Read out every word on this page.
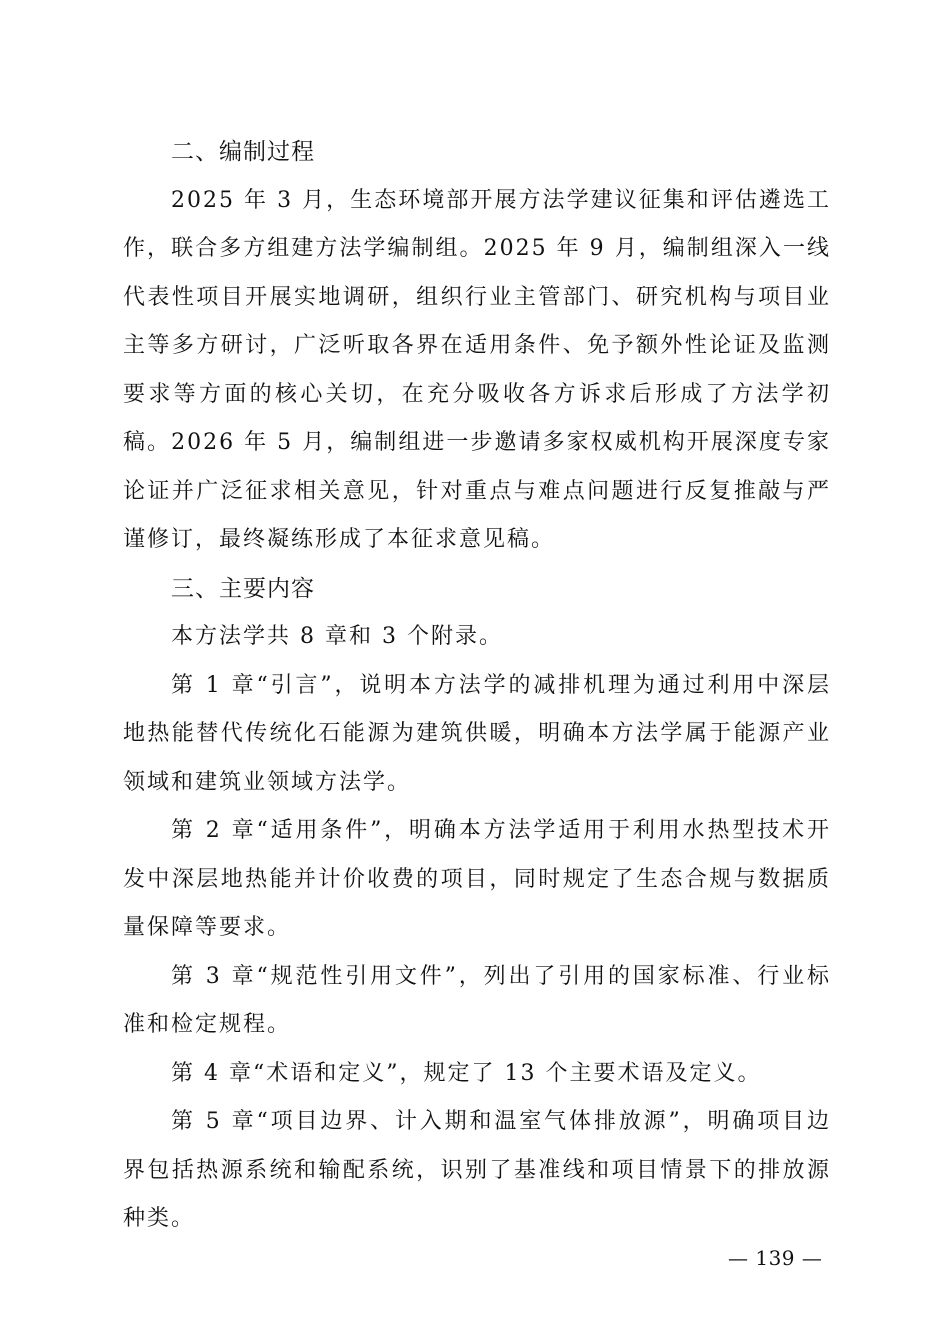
二、编制过程

2025 年 3 月，生态环境部开展方法学建议征集和评估遴选工作，联合多方组建方法学编制组。2025 年 9 月，编制组深入一线代表性项目开展实地调研，组织行业主管部门、研究机构与项目业主等多方研讨，广泛听取各界在适用条件、免予额外性论证及监测要求等方面的核心关切，在充分吸收各方诉求后形成了方法学初稿。2026 年 5 月，编制组进一步邀请多家权威机构开展深度专家论证并广泛征求相关意见，针对重点与难点问题进行反复推敲与严谨修订，最终凝练形成了本征求意见稿。

三、主要内容

本方法学共 8 章和 3 个附录。

第 1 章“引言”，说明本方法学的减排机理为通过利用中深层地热能替代传统化石能源为建筑供暖，明确本方法学属于能源产业领域和建筑业领域方法学。

第 2 章“适用条件”，明确本方法学适用于利用水热型技术开发中深层地热能并计价收费的项目，同时规定了生态合规与数据质量保障等要求。

第 3 章“规范性引用文件”，列出了引用的国家标准、行业标准和检定规程。

第 4 章“术语和定义”，规定了 13 个主要术语及定义。

第 5 章“项目边界、计入期和温室气体排放源”，明确项目边界包括热源系统和输配系统，识别了基准线和项目情景下的排放源种类。

— 139 —
